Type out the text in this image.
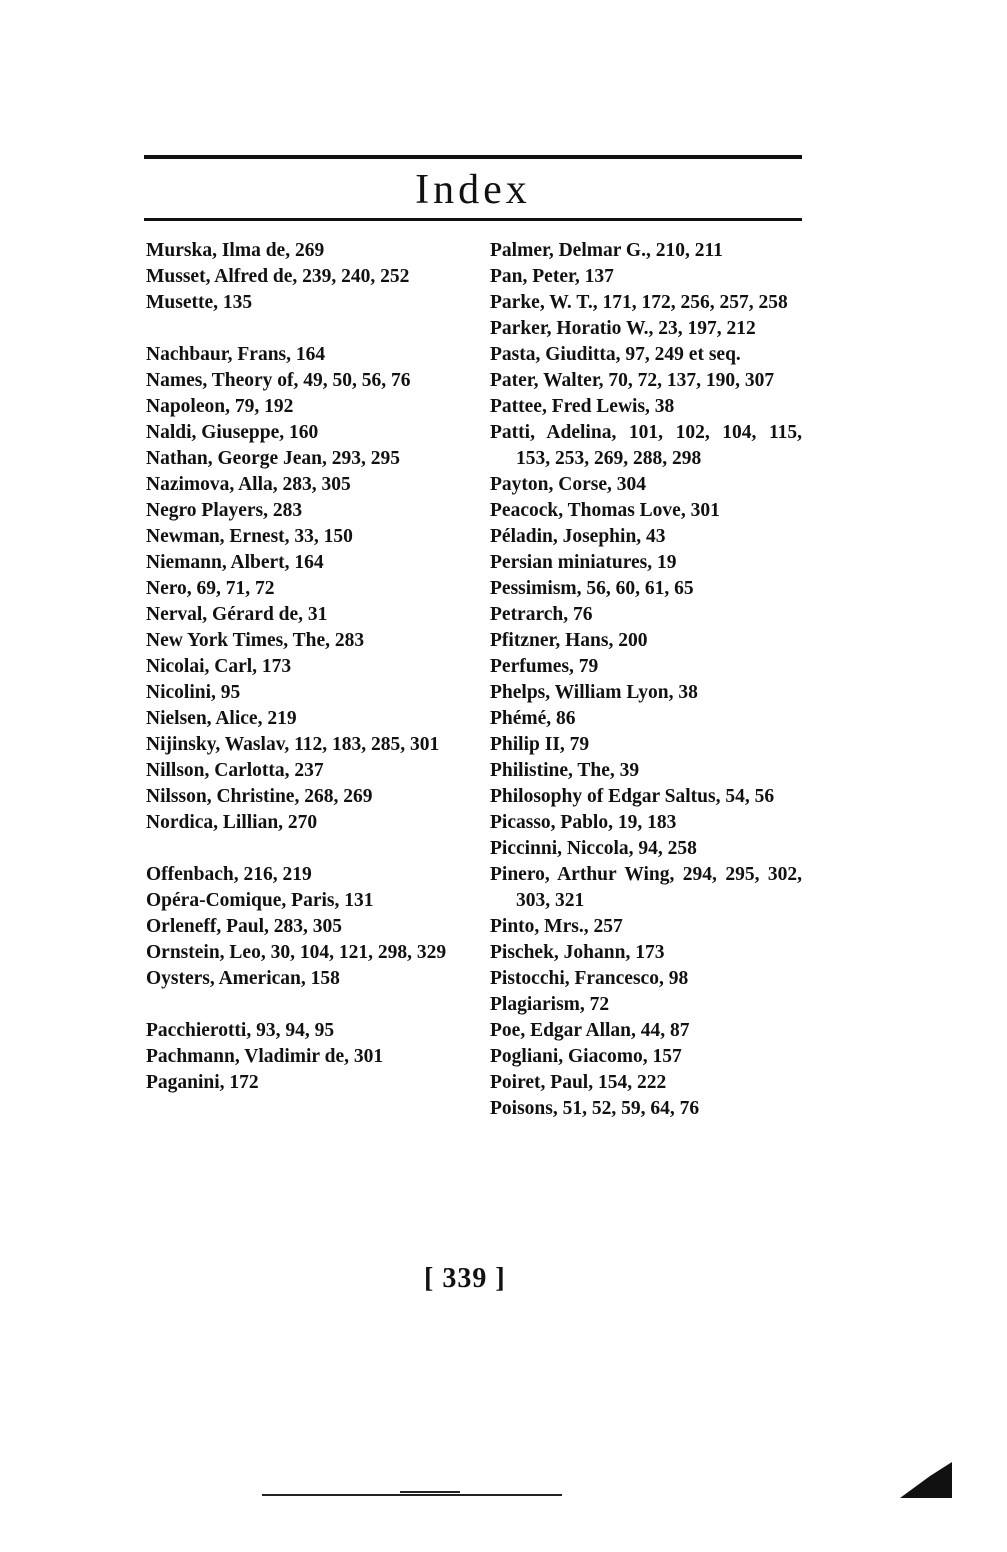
Index

Murska, Ilma de, 269

Musset, Alfred de, 239, 240, 252

Musette, 135

Nachbaur, Frans, 164

Names, Theory of, 49, 50, 56, 76

Napoleon, 79, 192

Naldi, Giuseppe, 160

Nathan, George Jean, 293, 295

Nazimova, Alla, 283, 305

Negro Players, 283

Newman, Ernest, 33, 150

Niemann, Albert, 164

Nero, 69, 71, 72

Nerval, Gérard de, 31

New York Times, The, 283

Nicolai, Carl, 173

Nicolini, 95

Nielsen, Alice, 219

Nijinsky, Waslav, 112, 183, 285, 301

Nillson, Carlotta, 237

Nilsson, Christine, 268, 269

Nordica, Lillian, 270

Offenbach, 216, 219

Opéra-Comique, Paris, 131

Orleneff, Paul, 283, 305

Ornstein, Leo, 30, 104, 121, 298, 329

Oysters, American, 158

Pacchierotti, 93, 94, 95

Pachmann, Vladimir de, 301

Paganini, 172

Palmer, Delmar G., 210, 211

Pan, Peter, 137

Parke, W. T., 171, 172, 256, 257, 258

Parker, Horatio W., 23, 197, 212

Pasta, Giuditta, 97, 249 et seq.

Pater, Walter, 70, 72, 137, 190, 307

Pattee, Fred Lewis, 38

Patti, Adelina, 101, 102, 104, 115, 153, 253, 269, 288, 298

Payton, Corse, 304

Peacock, Thomas Love, 301

Péladin, Josephin, 43

Persian miniatures, 19

Pessimism, 56, 60, 61, 65

Petrarch, 76

Pfitzner, Hans, 200

Perfumes, 79

Phelps, William Lyon, 38

Phémé, 86

Philip II, 79

Philistine, The, 39

Philosophy of Edgar Saltus, 54, 56

Picasso, Pablo, 19, 183

Piccinni, Niccola, 94, 258

Pinero, Arthur Wing, 294, 295, 302, 303, 321

Pinto, Mrs., 257

Pischek, Johann, 173

Pistocchi, Francesco, 98

Plagiarism, 72

Poe, Edgar Allan, 44, 87

Pogliani, Giacomo, 157

Poiret, Paul, 154, 222

Poisons, 51, 52, 59, 64, 76

[ 339 ]
